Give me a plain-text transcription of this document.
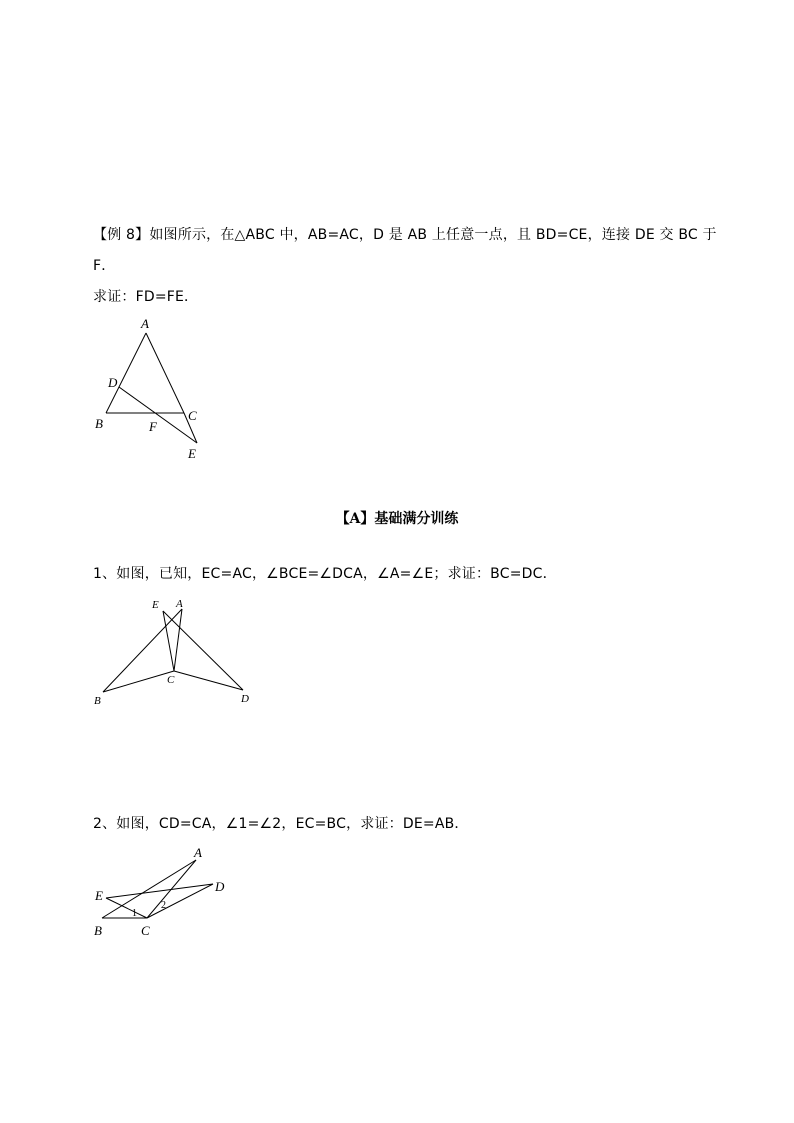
【例 8】如图所示，在△ABC 中，AB=AC，D 是 AB 上任意一点，且 BD=CE，连接 DE 交 BC 于
F．
求证：FD=FE．
A
D
B	F
C
E
【A】基础满分训练
1、如图，已知，EC=AC，∠BCE=∠DCA，∠A=∠E；求证：BC=DC．
E A
C
B	D
2、如图，CD=CA，∠1=∠2，EC=BC，求证：DE=AB．
A
D
E
B	C
1
2
